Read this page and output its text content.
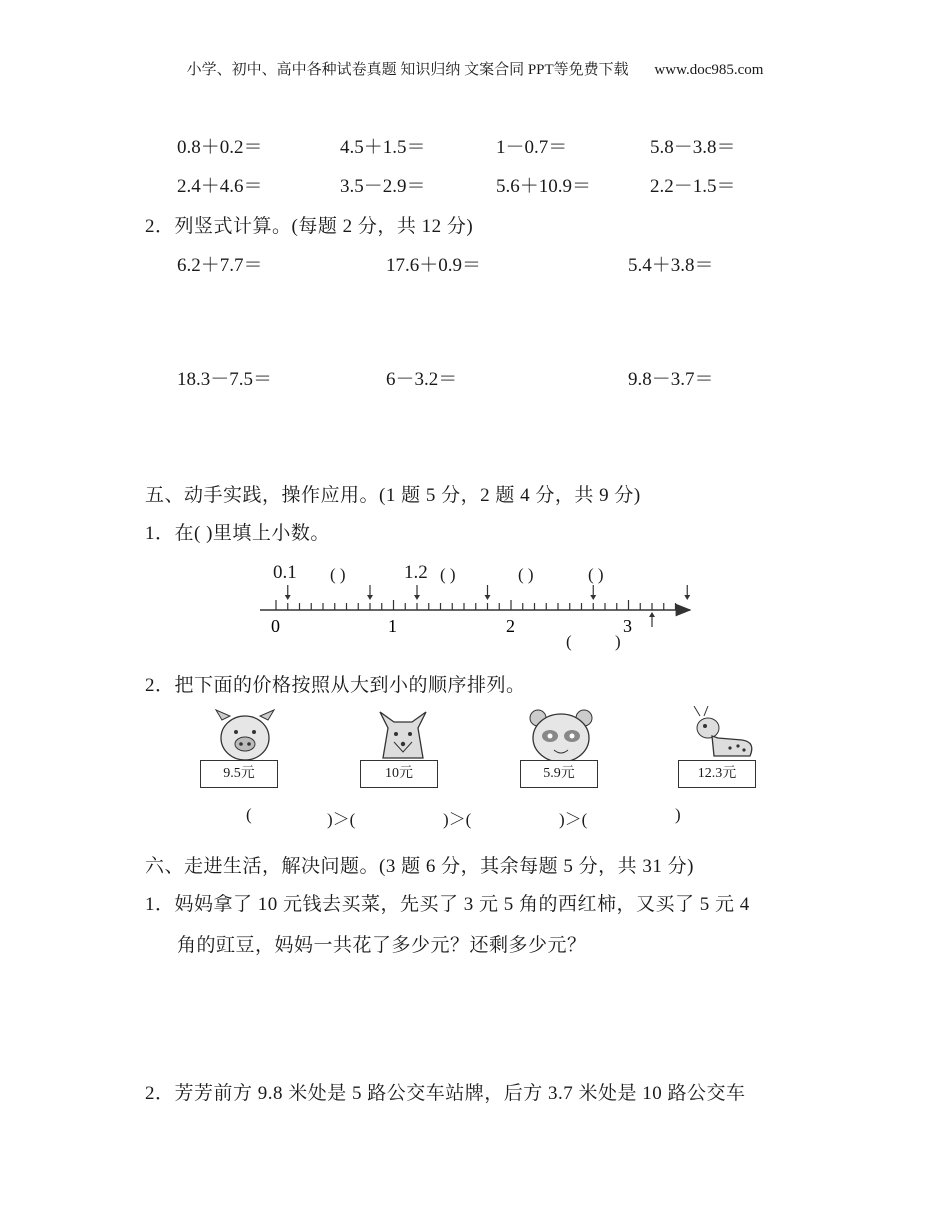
小学、初中、高中各种试卷真题 知识归纳 文案合同 PPT等免费下载 www.doc985.com
0.8＋0.2＝	4.5＋1.5＝	1－0.7＝	5.8－3.8＝
2.4＋4.6＝	3.5－2.9＝	5.6＋10.9＝	2.2－1.5＝
2．列竖式计算。(每题 2 分，共 12 分)
6.2＋7.7＝	17.6＋0.9＝	5.4＋3.8＝
18.3－7.5＝	6－3.2＝	9.8－3.7＝
五、动手实践，操作应用。(1 题 5 分，2 题 4 分，共 9 分)
1．在( )里填上小数。
0	1	2	3
0.1	1.2
( )	( )	( )	( )
(	)
2．把下面的价格按照从大到小的顺序排列。
9.5元	10元	5.9元	12.3元
(	)＞(	)＞(	)＞(	)
六、走进生活，解决问题。(3 题 6 分，其余每题 5 分，共 31 分)
1．妈妈拿了 10 元钱去买菜，先买了 3 元 5 角的西红柿，又买了 5 元 4
角的豇豆，妈妈一共花了多少元？还剩多少元？
2．芳芳前方 9.8 米处是 5 路公交车站牌，后方 3.7 米处是 10 路公交车
